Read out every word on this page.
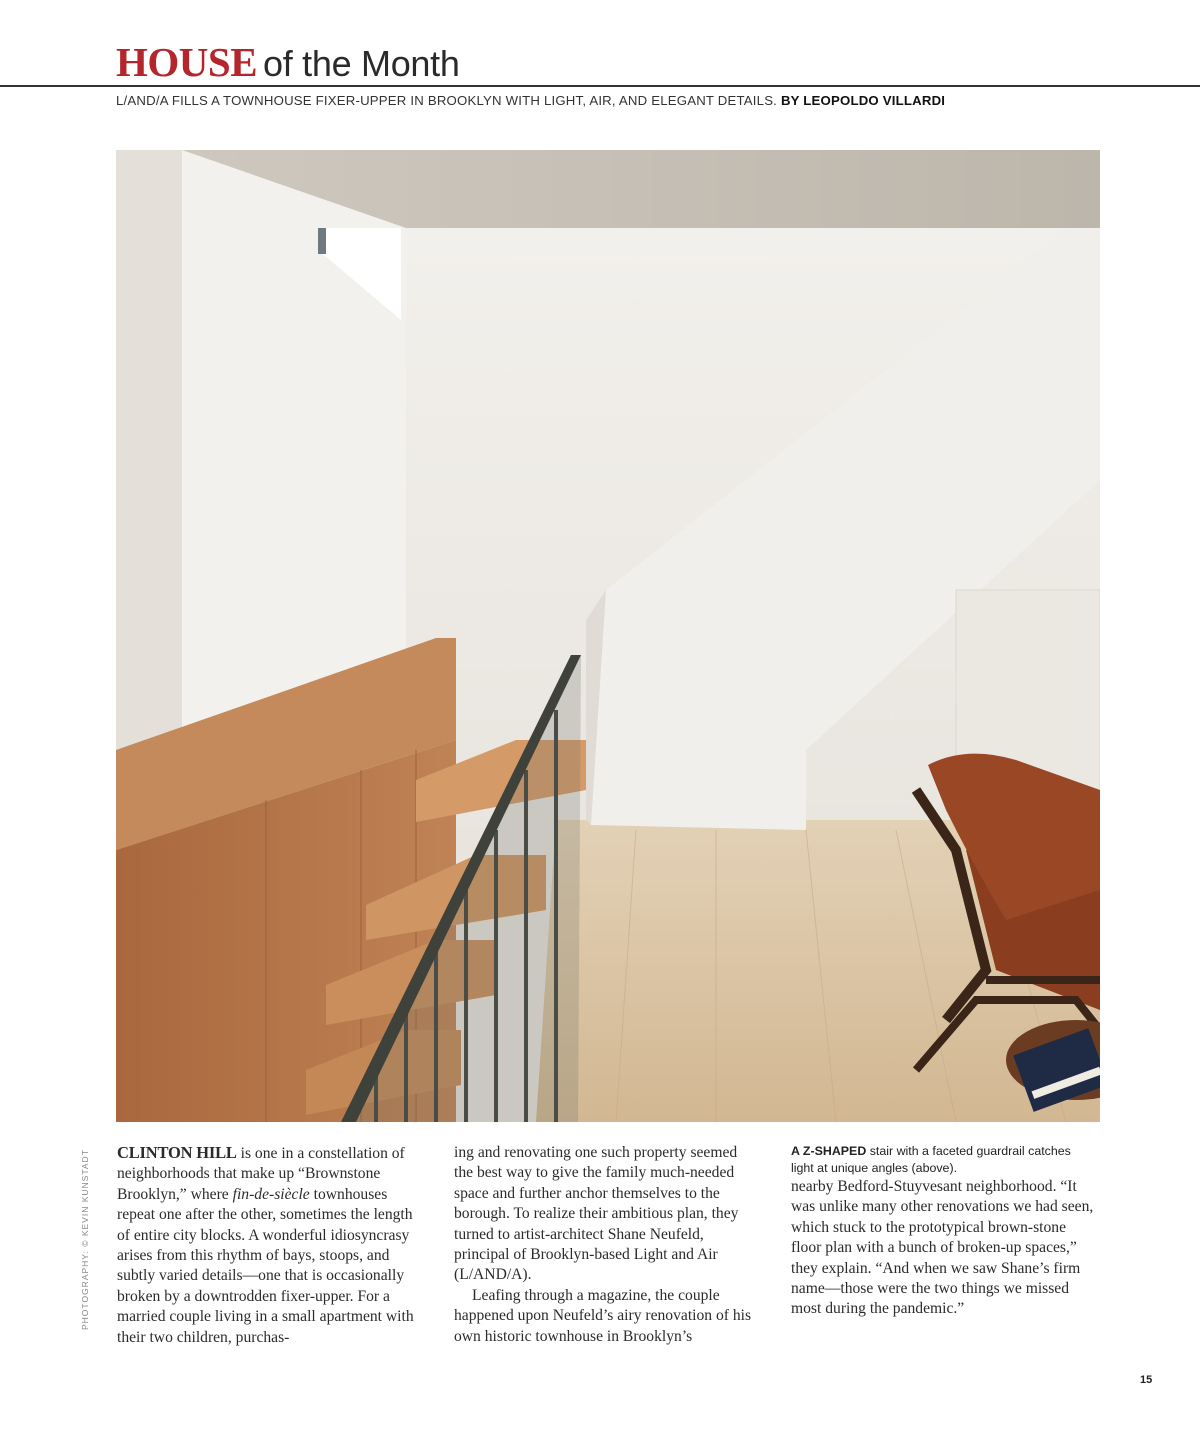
HOUSE of the Month
L/AND/A FILLS A TOWNHOUSE FIXER-UPPER IN BROOKLYN WITH LIGHT, AIR, AND ELEGANT DETAILS. BY LEOPOLDO VILLARDI
PHOTOGRAPHY: © KEVIN KUNSTADT CLINTON HILL is one in a constellation of neighborhoods that make up “Brownstone Brooklyn,” where fin-de-siècle townhouses repeat one after the other, sometimes the length of entire city blocks. A wonderful idiosyncrasy arises from this rhythm of bays, stoops, and subtly varied details—one that is occasionally broken by a downtrodden fixer-upper. For a married couple living in a small apartment with their two children, purchas-

ing and renovating one such property seemed the best way to give the family much-needed space and further anchor themselves to the borough. To realize their ambitious plan, they turned to artist-architect Shane Neufeld, principal of Brooklyn-based Light and Air (L/AND/A).

Leafing through a magazine, the couple happened upon Neufeld’s airy renovation of his own historic townhouse in Brooklyn’s

A Z-SHAPED stair with a faceted guardrail catches light at unique angles (above).

nearby Bedford-Stuyvesant neighborhood. “It was unlike many other renovations we had seen, which stuck to the prototypical brown-stone floor plan with a bunch of broken-up spaces,” they explain. “And when we saw Shane’s firm name—those were the two things we missed most during the pandemic.”

15
